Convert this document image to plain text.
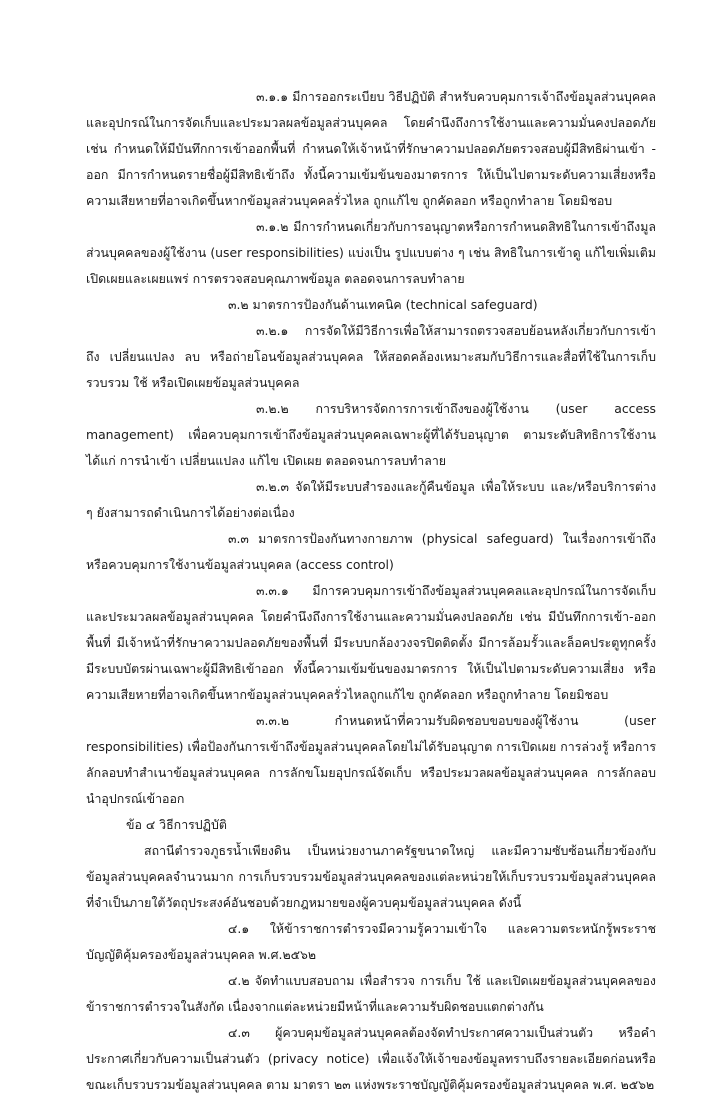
๓.๑.๑ มีการออกระเบียบ วิธีปฏิบัติ สำหรับควบคุมการเจ้าถึงข้อมูลส่วนบุคคลและอุปกรณ์ในการจัดเก็บและประมวลผลข้อมูลส่วนบุคคล โดยคำนึงถึงการใช้งานและความมั่นคงปลอดภัย เช่น กำหนดให้มีบันทึกการเข้าออกพื้นที่ กำหนดให้เจ้าหน้าที่รักษาความปลอดภัยตรวจสอบผู้มีสิทธิผ่านเข้า - ออก มีการกำหนดรายชื่อผู้มีสิทธิเข้าถึง ทั้งนี้ความเข้มข้นของมาตรการ ให้เป็นไปตามระดับความเสี่ยงหรือความเสียหายที่อาจเกิดขึ้นหากข้อมูลส่วนบุคคลรั่วไหล ถูกแก้ไข ถูกคัดลอก หรือถูกทำลาย โดยมิชอบ

๓.๑.๒ มีการกำหนดเกี่ยวกับการอนุญาตหรือการกำหนดสิทธิในการเข้าถึงมูลส่วนบุคคลของผู้ใช้งาน (user responsibilities) แบ่งเป็น รูปแบบต่าง ๆ เช่น สิทธิในการเข้าดู แก้ไขเพิ่มเติม เปิดเผยและเผยแพร่ การตรวจสอบคุณภาพข้อมูล ตลอดจนการลบทำลาย

๓.๒ มาตรการป้องกันด้านเทคนิค (technical safeguard)

๓.๒.๑ การจัดให้มีวิธีการเพื่อให้สามารถตรวจสอบย้อนหลังเกี่ยวกับการเข้าถึง เปลี่ยนแปลง ลบ หรือถ่ายโอนข้อมูลส่วนบุคคล ให้สอดคล้องเหมาะสมกับวิธีการและสื่อที่ใช้ในการเก็บรวบรวม ใช้ หรือเปิดเผยข้อมูลส่วนบุคคล

๓.๒.๒ การบริหารจัดการการเข้าถึงของผู้ใช้งาน (user access management) เพื่อควบคุมการเข้าถึงข้อมูลส่วนบุคคลเฉพาะผู้ที่ได้รับอนุญาต ตามระดับสิทธิการใช้งาน ได้แก่ การนำเข้า เปลี่ยนแปลง แก้ไข เปิดเผย ตลอดจนการลบทำลาย

๓.๒.๓ จัดให้มีระบบสำรองและกู้คืนข้อมูล เพื่อให้ระบบ และ/หรือบริการต่าง ๆ ยังสามารถดำเนินการได้อย่างต่อเนื่อง

๓.๓ มาตรการป้องกันทางกายภาพ (physical safeguard) ในเรื่องการเข้าถึงหรือควบคุมการใช้งานข้อมูลส่วนบุคคล (access control)

๓.๓.๑ มีการควบคุมการเข้าถึงข้อมูลส่วนบุคคลและอุปกรณ์ในการจัดเก็บและประมวลผลข้อมูลส่วนบุคคล โดยคำนึงถึงการใช้งานและความมั่นคงปลอดภัย เช่น มีบันทึกการเข้า-ออก พื้นที่ มีเจ้าหน้าที่รักษาความปลอดภัยของพื้นที่ มีระบบกล้องวงจรปิดติดตั้ง มีการล้อมรั้วและล็อคประตูทุกครั้ง มีระบบบัตรผ่านเฉพาะผู้มีสิทธิเข้าออก ทั้งนี้ความเข้มข้นของมาตรการ ให้เป็นไปตามระดับความเสี่ยง หรือความเสียหายที่อาจเกิดขึ้นหากข้อมูลส่วนบุคคลรั่วไหลถูกแก้ไข ถูกคัดลอก หรือถูกทำลาย โดยมิชอบ

๓.๓.๒ กำหนดหน้าที่ความรับผิดชอบขอบของผู้ใช้งาน (user responsibilities) เพื่อป้องกันการเข้าถึงข้อมูลส่วนบุคคลโดยไม่ได้รับอนุญาต การเปิดเผย การล่วงรู้ หรือการลักลอบทำสำเนาข้อมูลส่วนบุคคล การลักขโมยอุปกรณ์จัดเก็บ หรือประมวลผลข้อมูลส่วนบุคคล การลักลอบนำอุปกรณ์เข้าออก

ข้อ ๔ วิธีการปฏิบัติ

สถานีตำรวจภูธรน้ำเพียงดิน เป็นหน่วยงานภาครัฐขนาดใหญ่ และมีความซับซ้อนเกี่ยวข้องกับ ข้อมูลส่วนบุคคลจำนวนมาก การเก็บรวบรวมข้อมูลส่วนบุคคลของแต่ละหน่วยให้เก็บรวบรวมข้อมูลส่วนบุคคลที่จำเป็นภายใต้วัตถุประสงค์อันชอบด้วยกฎหมายของผู้ควบคุมข้อมูลส่วนบุคคล ดังนี้

๔.๑ ให้ข้าราชการตำรวจมีความรู้ความเข้าใจ และความตระหนักรู้พระราชบัญญัติคุ้มครองข้อมูลส่วนบุคคล พ.ศ.๒๕๖๒

๔.๒ จัดทำแบบสอบถาม เพื่อสำรวจ การเก็บ ใช้ และเปิดเผยข้อมูลส่วนบุคคลของข้าราชการตำรวจในสังกัด เนื่องจากแต่ละหน่วยมีหน้าที่และความรับผิดชอบแตกต่างกัน

๔.๓ ผู้ควบคุมข้อมูลส่วนบุคคลต้องจัดทำประกาศความเป็นส่วนตัว หรือคำประกาศเกี่ยวกับความเป็นส่วนตัว (privacy notice) เพื่อแจ้งให้เจ้าของข้อมูลทราบถึงรายละเอียดก่อนหรือขณะเก็บรวบรวมข้อมูลส่วนบุคคล ตาม มาตรา ๒๓ แห่งพระราชบัญญัติคุ้มครองข้อมูลส่วนบุคคล พ.ศ. ๒๕๖๒
